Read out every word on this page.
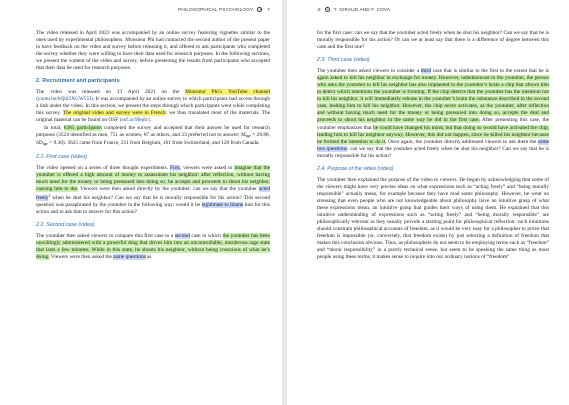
PHILOSOPHICAL PSYCHOLOGY	7

The video released in April 2021 was accompanied by an online survey featuring vignettes similar to the ones used by experimental philosophers. Monsieur Phi had contacted the second author of the present paper to have feedback on the video and survey before releasing it, and offered to ask participants who completed the survey whether they were willing to have their data used for research purposes. In the following sections, we present the content of the video and survey, before presenting the results from participants who accepted that their data be used for research purposes.

2. Recruitment and participants

The video was released on 13 April 2021 on the Monsieur Phi’s YouTube channel (youtu.be/bQbl2XGW55I). It was accompanied by an online survey to which participants had access through a link under the video. In this section, we present the steps through which participants went while completing this survey. The original video and survey were in French: we thus translated most of the materials. The original material can be found on OSF (osf.io/9fepb/).

In total, 6385 participants completed the survey and accepted that their answer be used for research purposes (3524 identified as men, 751 as women, 87 as others, and 23 preferred not to answer; Mage = 28.88, SDage = 9.30). 3625 came from France, 211 from Belgium, 161 from Switzerland, and 120 from Canada.

2.1. First case (video)

The video opened on a series of three thought experiments. First, viewers were asked to imagine that the youtuber is offered a high amount of money to assassinate his neighbor: after reflection, without having much need for the money or being pressured into doing so, he accepts and proceeds to shoot his neighbor, causing him to die. Viewers were then asked directly by the youtuber: can we say that the youtuber acted freely$^2$ when he shot his neighbor? Can we say that he is morally responsible for his action? This second question was paraphrased by the youtuber in the following way: would it be legitimate to blame him for this action and to ask him to answer for this action?

2.2. Second case (video)

The youtuber then asked viewers to compare this first case to a second case in which the youtuber has been unwillingly administered with a powerful drug that drives him into an uncontrollable, murderous rage state that lasts a few minutes. While in this state, he shoots his neighbor, without being conscious of what he’s doing. Viewers were then asked the same questions as

8	T. GIRAUD AND F. COVA

for the first case: can we say that the youtuber acted freely when he shot his neighbor? Can we say that he is morally responsible for his action? Or can we at least say that there is a difference of degree between this case and the first one?

2.3. Third case (video)

The youtuber then asked viewers to consider a third case that is similar to the first to the extent that he is again asked to kill his neighbor in exchange for money. However, unbeknownst to the youtuber, the person who asks the youtuber to kill his neighbor has also implanted in the youtuber’s brain a chip that allows him to detect which intentions the youtuber is forming. If the chip detects that the youtuber has the intention not to kill his neighbor, it will immediately release in the youtuber’s brain the substance described in the second case, leading him to kill his neighbor. However, the chip never activates, as the youtuber, after reflection and without having much need for the money or being pressured into doing so, accepts the deal and proceeds to shoot his neighbor in the same way he did in the first case. After presenting this case, the youtuber emphasizes that he could have changed his mind, but that doing so would have activated the chip, leading him to kill his neighbor anyway. However, this did not happen, since he killed his neighbor because he formed the intention to do it. Once again, the youtuber directly addressed viewers to ask them the same two questions: can we say that the youtuber acted freely when he shot his neighbor? Can we say that he is morally responsible for his action?

2.4. Purpose of the video (video)

The youtuber then explained the purpose of the video to viewers. He began by acknowledging that some of the viewers might have very precise ideas on what expressions such as “acting freely” and “being morally responsible” actually mean, for example because they have read some philosophy. However, he went on stressing that even people who are not knowledgeable about philosophy have an intuitive grasp of what these expressions mean, an intuitive grasp that guides their ways of using them. He explained that this intuitive understanding of expressions such as “acting freely” and “being morally responsible” are philosophically relevant as they usually provide a starting point for philosophical reflection: such intuitions should constrain philosophical accounts of freedom, as it would be very easy for a philosopher to prove that freedom is impossible (or, conversely, that freedom exists) by just selecting a definition of freedom that makes this conclusion obvious. Thus, as philosophers do not seem to be employing terms such as “freedom” and “moral responsibility” in a purely technical sense, but seem to be speaking the same thing as most people using these terms, it makes sense to inquire into our ordinary notions of “freedom”
